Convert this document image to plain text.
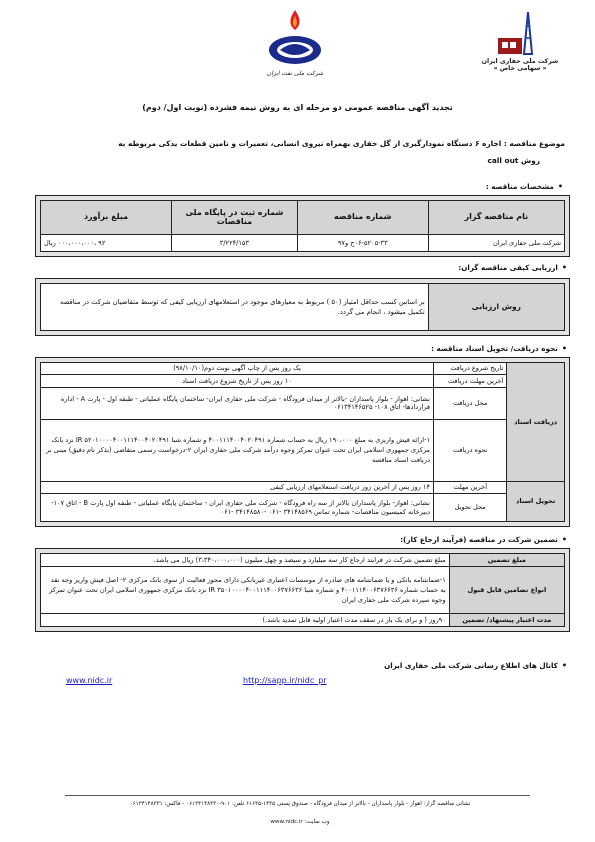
شرکت ملی نفت ایران
شرکت ملی حفاری ایران
« سهامی خاص »
تجدید آگهی مناقصه عمومی دو مرحله ای به روش نیمه فشرده (نوبت اول/ دوم)
موضوع مناقصه : اجاره ۶ دستگاه نمودارگیری از گل حفاری بهمراه نیروی انسانی، تعمیرات و تامین قطعات یدکی مربوطه به
روش call out
•مشخصات مناقصه :
نام مناقصه گزار	شماره مناقصه	شماره ثبت در پایگاه ملی مناقصات	مبلغ برآورد
شرکت ملی حفاری ایران	۰۶-۵۲۰۵-۳۳ح و۹۷	۳/۲۲۴/۱۵۳	۹۲ ،۰۰۰،۰۰۰،۰۰۰ ریال
•ارزیابی کیفی مناقصه گران:
روش ارزیابی	بر اساس کسب حداقل امتیاز (۵۰ ) مربوط به معیارهای موجود در استعلامهای ارزیابی کیفی که توسط متقاضیان شرکت در مناقصه تکمیل میشود ، انجام می گردد.
•نحوه دریافت/ تحویل اسناد مناقصه :
دریافت اسناد	تاریخ شروع دریافت	یک روز پس از چاپ آگهی نوبت دوم(۹۸/۱۰/۱۰)
	آخرین مهلت دریافت	۱۰ روز پس از تاریخ شروع دریافت اسناد
	محل دریافت	نشانی: اهواز - بلوار پاسداران -بالاتر از میدان فرودگاه - شرکت ملی حفاری ایران- ساختمان پایگاه عملیاتی - طبقه اول - پارت A - اداره قراردادها- اتاق ۱۰۸- ۰۶۱۳۴۱۴۶۵۲۵
	نحوه دریافت	۱-ارائه فیش واریزی به مبلغ ۱۹۰،۰۰۰ ریال به حساب شماره ۴۰۰۱۱۱۴۰۰۴۰۲۰۴۹۱ و شماره شبا IR ۵۲۰۱۰۰۰۰۴۰۰۱۱۱۴۰۰۴۰۲۰۴۹۱ نزد بانک مرکزی جمهوری اسلامی ایران تحت عنوان تمرکز وجوه درآمد شرکت ملی حفاری ایران ۲-درخواست رسمی متقاضی (بذکر نام دقیق) مبنی بر دریافت اسناد مناقصه
تحویل اسناد	آخرین مهلت	۱۴ روز پس از آخرین روز دریافت استعلامهای ارزیابی کیفی
	محل تحویل	نشانی: اهواز- بلوار پاسداران بالاتر از سه راه فرودگاه - شرکت ملی حفاری ایران - ساختمان پایگاه عملیاتی - طبقه اول پارت B - اتاق ۱۰۷- دبیرخانه کمیسیون مناقصات- شماره تماس ۳۴۱۴۸۵۶۹ -۰۶۱ -۳۴۱۴۸۵۸۰ -۰۶۱
•تضمین شرکت در مناقصه (فرآیند ارجاع کار):
مبلغ تضمین	مبلغ تضمین شرکت در فرایند ارجاع کار سه میلیارد و سیصد و چهل میلیون (۳،۳۴۰،۰۰۰،۰۰۰) ریال می باشد.
انواع تضامین قابل قبول	۱-ضمانتنامه بانکی و یا ضمانتنامه های صادره از موسسات اعتباری غیربانکی دارای مجوز فعالیت از سوی بانک مرکزی ۲- اصل فیش واریز وجه نقد به حساب شماره ۴۰۰۱۱۱۴۰۰۶۳۷۶۶۳۶ و شماره شبا IR ۳۵۰۱۰۰۰۰۴۰۰۱۱۱۴۰۰۶۳۷۶۶۳۶ نزد بانک مرکزی جمهوری اسلامی ایران تحت عنوان تمرکز وجوه سپرده شرکت ملی حفاری ایران
مدت اعتبار پیشنهاد/ تضمین	۹۰روز ( و برای یک بار در سقف مدت اعتبار اولیه قابل تمدید باشد.)
•کانال های اطلاع رسانی شرکت ملی حفاری ایران
http://sapp.ir/nidc_pr
www.nidc.ir
نشانی مناقصه گزار: اهواز - بلوار پاسداران - بالاتر از میدان فرودگاه - صندوق پستی ۱۴۳۵-۶۱۶۳۵ تلفن: ۹۰۱-۰۶۱۳۴۱۴۸۳۳۰ - فاکس: ۰۶۱۳۴۱۴۸۳۳۱
وب سایت: www.nidc.ir
